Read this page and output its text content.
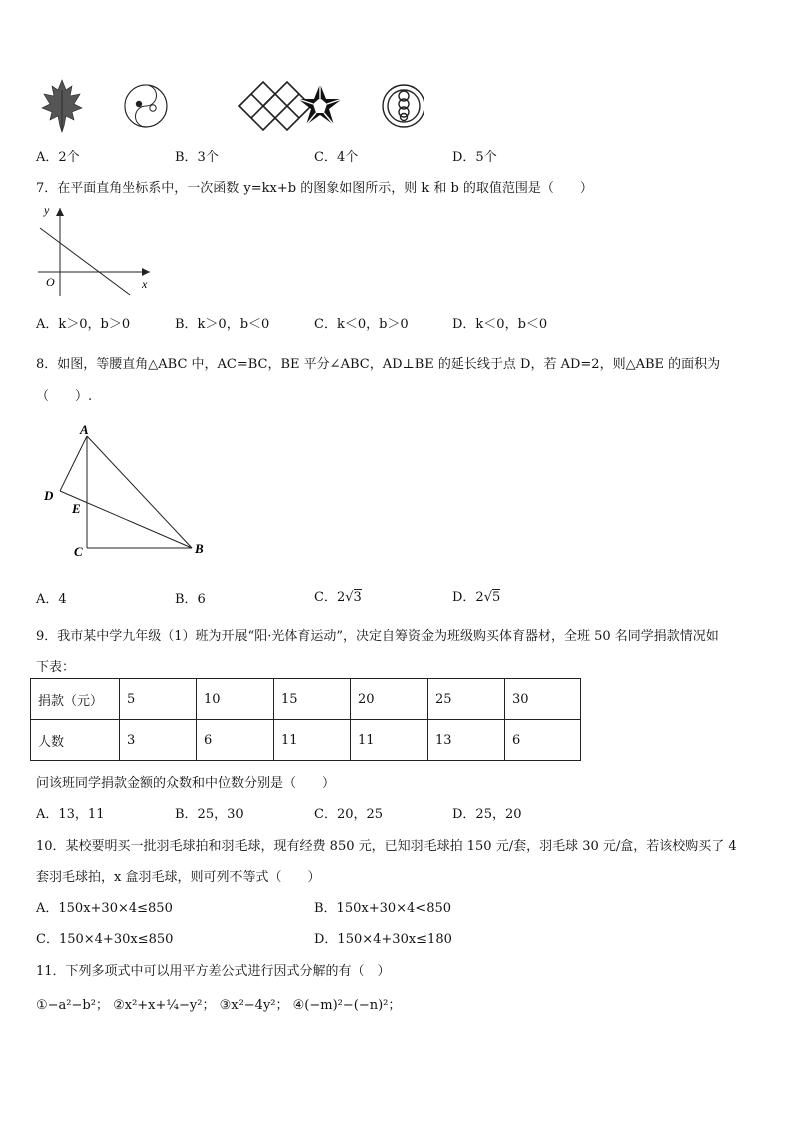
A．2个	B．3个	C．4个	D．5个
7．在平面直角坐标系中，一次函数 y=kx+b 的图象如图所示，则 k 和 b 的取值范围是（　　）
y
x
O
A．k＞0，b＞0	B．k＞0，b＜0	C．k＜0，b＞0	D．k＜0，b＜0
8．如图，等腰直角△ABC 中，AC=BC，BE 平分∠ABC，AD⊥BE 的延长线于点 D，若 AD=2，则△ABE 的面积为
（　　）.
A
D
E
C	B
A．4	B．6	C．2√3	D．2√5
9．我市某中学九年级（1）班为开展“阳·光体育运动”，决定自筹资金为班级购买体育器材，全班 50 名同学捐款情况如
下表：
捐款（元）	5	10	15	20	25	30
人数	3	6	11	11	13	6
问该班同学捐款金额的众数和中位数分别是（　　）
A．13，11	B．25，30	C．20，25	D．25，20
10．某校要明买一批羽毛球拍和羽毛球，现有经费 850 元，已知羽毛球拍 150 元/套，羽毛球 30 元/盒，若该校购买了 4
套羽毛球拍，x 盒羽毛球，则可列不等式（　　）
A．150x+30×4≤850	B．150x+30×4<850
C．150×4+30x≤850	D．150×4+30x≤180
11．下列多项式中可以用平方差公式进行因式分解的有（　）
①−a²−b²； ②x²+x+¼−y²； ③x²−4y²； ④(−m)²−(−n)²；
